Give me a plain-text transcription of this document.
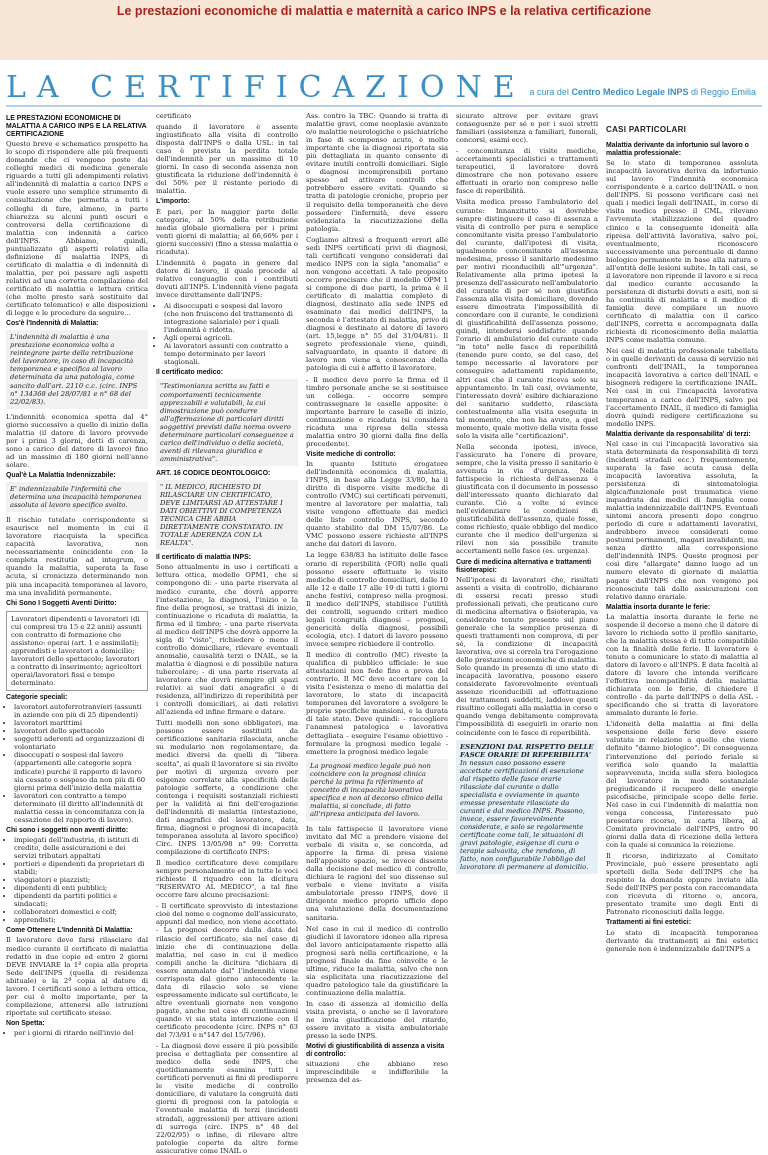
Le prestazioni economiche di malattia e maternità a carico INPS e la relativa certificazione
LA CERTIFICAZIONE a cura del Centro Medico Legale INPS di Reggio Emilia
LE PRESTAZIONI ECONOMICHE DI MALATTIA A CARICO INPS E LA RELATIVA CERTIFICAZIONE

Questo breve e schematico prospetto ha lo scopo di rispondere alle più frequenti domande che ci vengono poste dai colleghi medici di medicina generale riguardo a tutti gli adempimenti relativi all'indennità di malattia a carico INPS e vuole essere uno semplice strumento di consultazione che permetta a tutti i colleghi di fare, almeno, in parte chiarezza su alcuni punti oscuri e controversi della certificazione di malattia con indennità a carico dell'INPS. Abbiamo, quindi, puntualizzato gli aspetti relativi alla definizione di malattia INPS, di certificato di malattia e di indennità di malattia, per poi passare agli aspetti relativi ad una corretta compilazione del certificato di malattia e lettura critica (che molte presto sarà sostituito dal certificato telematico) e alle disposizioni di legge e le procedure da seguire...

Cos'è l'Indennità di Malattia:
L'indennità di malattia è una prestazione economica volta a reintegrare parte della retribuzione del lavoratore, in caso di incapacità temporanea e specifica al lavoro determinata da una patologia, come sancito dall'art. 2110 c.c. (circ. INPS n° 134368 del 28/07/81 e n° 68 del 22/02/83).

L'indennità economica spetta dal 4° giorno successivo a quello di inizio della malattia (il datore di lavoro provvede per i primi 3 giorni, detti di carenza, sono a carico del datore di lavoro) fino ad un massimo di 180 giorni nell'anno solare.

Qual'è La Malattia Indennizzabile:
E' indennizzabile l'infermità che determina una incapacità temporanea assoluta al lavoro specifico svolto.

Il rischio tutelato corrispondente si esaurisce nel momento in cui il lavoratore riacquista la specifica capacità lavorativa, non necessariamente coincidente con la completa restitutio ad integrum, o quando la malattia, superata la fase acuta, si cronicizza determinando non più una incapacità temporanea al lavoro, ma una invalidità permanente.

Chi Sono I Soggetti Aventi Diritto:
Lavoratori dipendenti e lavoratori (di cui compresi tra 15 e 22 anni) assunti con contratto di formazione che assistono: operai (art. 1 e assimilati); apprendisti e lavoratori a domicilio; lavoratori dello spettacolo; lavoratori a contratto di inserimento; agricoltori operai/lavoratori fissi e tempo determinato.
Categorie speciali:
• lavoratori autoferrotranvieri (assunti in aziende con più di 25 dipendenti)
• lavoratori marittimi
• lavoratori dello spettacolo
• soggetti aderenti ad organizzazioni di volontariato
• disoccupati o sospesi dal lavoro (appartenenti alle categorie sopra indicate) purché il rapporto di lavoro sia cessato o sospeso da non più di 60 giorni prima dell'inizio della malattia
• lavoratori con contratto a tempo determinato (il diritto all'indennità di malattia cessa in concomitanza con la cessazione del rapporto di lavoro).
Chi sono i soggetti non aventi diritto:
• impiegati dell'industria, di istituti di credito, delle assicurazioni e dei servizi tributari appaltati
• portieri e dipendenti da proprietari di stabili;
• viaggiatori e piazzisti;
• dipendenti di enti pubblici;
• dipendenti da partiti politici e sindacati;
• collaboratori domestici e colf;
• apprendisti;
Come Ottenere L'Indennità Di Malattia:

Il lavoratore deve farsi rilasciare dal medico curante il certificato di malattia redatto in due copie ed entro 2 giorni DEVE INVIARE la 1ª copia alla propria Sede dell'INPS (quella di residenza abituale) e la 2ª copia al datore di lavoro. I certificati sono a lettura ottica, per cui è molto importante, per la compilazione, attenersi alle istruzioni riportate sul certificato stesso.

Non Spetta:
• per i giorni di ritardo nell'invio del

certificato

quando il lavoratore è assente ingiustificato alla visita di controllo disposta dall'INPS o dalla USL: in tal caso è prevista la perdita totale dell'indennità per un massimo di 10 giorni. In caso di seconda assenza non giustificata la riduzione dell'indennità è del 50% per il restante periodo di malattia.

L'importo:

È pari, per la maggior parte delle categorie, al 50% della retribuzione media globale giornaliera per i primi venti giorni di malattia; al 66,66% per i giorni successivi (fino a stessa malattia o ricaduta).

L'indennità è pagata in genere dal datore di lavoro, il quale procede al relativo conguaglio con i contributi dovuti all'INPS. L'indennità viene pagata invece direttamente dall'INPS:

• Ai disoccupati e sospesi dal lavoro (che non fruiscono del trattamento di integrazione salariale) per i quali l'indennità è ridotta.
• Agli operai agricoli.
• Ai lavoratori assunti con contratto a tempo determinato per lavori stagionali.
Il certificato medico:
"Testimonianza scritta su fatti e comportamenti tecnicamente apprezzabili e valutabili, la cui dimostrazione può condurre all'affermazione di particolari diritti soggettivi previsti dalla norma ovvero determinare particolari conseguenze a carico dell'individuo o della società, aventi di rilevanza giuridica e amministrativa".
ART. 16 CODICE DEONTOLOGICO:
" IL MEDICO, RICHIESTO DI RILASCIARE UN CERTIFICATO, DEVE LIMITARSI AD ATTESTARE I DATI OBIETTIVI DI COMPETENZA TECNICA CHE ABBIA DIRETTAMENTE CONSTATATO. IN TOTALE ADERENZA CON LA REALTA".
Il certificato di malattia INPS:

Sono attualmente in uso i certificati a lettura ottica, modello OPM1, che si compongono di: - una parte riservata al medico curante, che dovrà apporre l'intestazione, la diagnosi, l'inizio e la fine della prognosi, se trattasi di inizio, continuazione o ricaduta di malattia, la firma ed il timbro; - una parte riservata al medico dell'INPS che dovrà apporre la sigla di "visto", richiedere o meno il controllo domiciliare, rilevare eventuali anomalie, causalità terzi o INAIL, se la malattia è diagnosi e di possibile natura tubercolare; - di una parte riservata al lavoratore che dovrà riempire gli spazi relativi ai suoi dati anagrafici e di residenza, all'indirizzo di reperibilità per i controlli domiciliari, ai dati relativi all'azienda ed infine firmare e datare.

Tutti modelli non sono obbligatori, ma possono essere sostituiti da certificazione sanitaria rilasciata, anche su modulario non regolamentare, da medici diversi da quelli di "libera scelta", ai quali il lavoratore si sia rivolto per motivi di urgenza ovvero per esigenze correlate alla specificità delle patologie sofferte, a condizione che contenga i requisiti sostanziali richiesti per la validità ai fini dell'erogazione dell'indennità di malattia (intestazione, dati anagrafici del lavoratore, data, firma, diagnosi e prognosi di incapacità temporanea assoluta al lavoro specifico) Circ. INPS 13/05/98 n° 99: Corretta compilazione di certificato INPS:

Il medico certificatore deve compilare sempre personalmente ed in tutte le voci richieste il riquadro con la dicitura "RISERVATO AL MEDICO", a tal fine occorre fare alcune precisazioni:

- Il certificato sprovvisto di intestazione cioè del nome e cognome dell'assicurato, appunti dal medico, non viene accettato. - La prognosi decorre dalla data del rilascio del certificato, sia nel caso di inizio che di continuazione della malattia, nel caso in cui il medico compili anche la dicitura "dichiara di essere ammalato dal" l'indennità viene corrisposta dal giorno antecedente la data di rilascio solo se viene espressamente indicato sul certificato, le altre eventuali giornate non vengono pagate, anche nel caso di continuazioni quando vi sia stata interruzione con il certificato precedente (circ. INPS n° 63 del 7/3/91 e n°147 del 15/7/96).

- La diagnosi deve essere il più possibile precisa e dettagliata per consentire al medico della sede INPS, che quotidianamente esamina tutti i certificati pervenuti ai fini di predisporre le visite mediche di controllo domiciliare, di valutare la congruità dati giorni di prognosi con la patologia e l'eventuale malattia di terzi (incidenti stradali, aggressioni) per attivare azioni di surroga (circ. INPS n° 48 del 22/02/95) o infine, di rilevare altre patologie coperte da altre forme assicurative come INAIL o

Ass. contro la TBC: Quando si tratta di malattie gravi, come neoplasie avanzate o/o malattie neurologiche o psichiatriche in fase di scompenso acuto, è molto importante che la diagnosi riportata sia più dettagliata in quanto consente di evitare inutili controlli domiciliari. Sigle o diagnosi incomprensibili portano spesso ad attivare controlli che potrebbero essere evitati. Quando si tratta di patologie croniche, proprio per il requisito della temporaneità che deve possedere l'infermità, deve essere evidenziata la riacutizzazione della patologia.

Cogliamo altresì a frequenti errori alle sedi INPS certificati privi di diagnosi, tali certificati vengono considerati dal medico INPS con la sigla "anomalia" e non vengono accettati. A tale proposito occorre precisare che il modello OPM 1 si compone di due parti, la prima è il certificato di malattia completo di diagnosi, destinato alla sede INPS ed esaminato dai medici dell'INPS, la seconda è l'attestato di malattia, privo di diagnosi e destinato al datore di lavoro (art. 15,legge n° 55 del 31/04/81). Il segreto professionale viene, quindi, salvaguardato, in quanto il datore di lavoro non viene a conoscenza della patologia di cui è affetto il lavoratore.

- Il medico deve porre la firma ed il timbro personale anche se si sostituisce un collega. - occorre sempre contrassegnare le caselle apposite: è importante barrare le caselle di inizio, continuazione e ricaduta (si considera ricaduta una ripresa della stessa malattia entro 30 giorni dalla fine della precedente).

Visite mediche di controllo:

In quanto Istituto erogatore dell'indennità economica di malattia, l'INPS, in base alla Legge 33/80, ha il diritto di disporre visite mediche di controllo (VMC) sui certificati pervenuti, mentre al lavoratore per malattia, tali visite vengono effettuate dai medici delle liste controllo INPS, secondo quanto stabilito dal DM 15/07/86. Le VMC possono essere richieste all'INPS anche dai datori di lavoro.

La legge 638/83 ha istituito delle fasce orarie di reperibilità (FOR) nelle quali possono essere effettuate le visite mediche di controllo domiciliari, dalle 10 alle 12 e dalle 17 alle 19 di tutti i giorni anche festivi, compreso nella prognosi. Il medico dell'INPS, stabilisce l'utilità dei controlli, seguendo criteri medico legali (congruità diagnosi – prognosi, genericità della diagnosi, possibili ecologia, etc). I datori di lavoro possono invece sempre richiedere il controllo.

Il medico di controllo (MC) riveste la qualifica di pubblico ufficiale: le sue attestazioni non fede fino a prova del contrario. Il MC deve accertare con la visita l'esistenza o meno di malattia del lavoratore, lo stato di incapacità temporanea del lavoratore a svolgere le proprie specifiche mansioni, e la durata di tale stato. Deve quindi: - raccogliere l'anamnesi patologica e lavorativa dettagliata - eseguire l'esame obiettivo - formulare la prognosi medico legale - emettere la prognosi medico legale

La prognosi medico legale può non coincidere con la prognosi clinica perché la prima fa riferimento al concetto di incapacità lavorativa specifica e non al decorso clinico della malattia, si conclude, di fatto all'ripresa anticipata del lavoro.

In tale fattispecie il lavoratore viene invitato dal MC a prendere visione del verbale di visita e, se concorda, ad apporre la firma di presa visione nell'apposito spazio, se invece dissente dalla decisione del medico di controllo, dichiara le ragioni del suo dissenso sul verbale e viene invitato a visita ambulatoriale presso l'INPS, dove il dirigente medico proprio ufficio dopo una valutazione della documentazione sanitaria.

Nel caso in cui il medico di controllo giudichi il lavoratore idoneo alla ripresa del lavoro anticipatamente rispetto alla prognosi sarà nella certificazione, e la prognosi finale da fine coinvolte e le ultime, riduce la malattia, salvo che non sia esplicitata una riacutizzazione del quadro patologico tale da giustificare la continuazione della malattia.

In caso di assenza al domicilio della visita prevista, o anche se il lavoratore ne invia giustificazione del ritardo, essere invitato a visita ambulatoriale presso la sede INPS.

Motivi di giustificabilità di assenza a visita di controllo:

situazioni che abbiano reso imprescindibile e indifferibile la presenza del as-

sicurato altrove per evitare gravi conseguenze per sé e per i suoi stretti familiari (assistenza a familiari, funerali, concorsi, esami ecc).

- concomitanza di visite mediche, accertamenti specialistici e trattamenti terapeutici, il lavoratore dovrà dimostrare che non potevano essere effettuati in orario non compreso nelle fasce di reperibilità.

Visita medica presso l'ambulatorio del curante: Innanzitutto si dovrebbe sempre distinguere il caso di assenza a visita di controllo per pura e semplice concomitante visita presso l'ambulatorio del curante, dall'ipotesi di visita, ugualmente concomitante all'assenza medesima, presso il sanitario medesimo per motivi riconducibili all'"urgenza". Relativamente alla prima ipotesi la presenza dell'assicurato nell'ambulatorio del curante di per sé non giustifica l'assenza alla visita domiciliare, dovendo essere dimostrata l'impossibilità di concordare con il curante, le condizioni di giustificabilità dell'assenza possono, quindi, intendersi soddisfatte quando l'orario di ambulatorio del curante cada "in toto" nelle fasce di reperibilità (tenendo pure conto, se del caso, del tempo necessario al lavoratore per conseguire adattamenti rapidamente, altri casi che il curante riceva solo su appuntamento. In tali casi, ovviamente, l'interessato dovrà' esibire dichiarazione del sanitario suddetto, rilasciata contestualmente alla visita eseguita in tal momento, che non ha avuto, a quel momento, quale motivo della visita fosse solo la visita alle "certificazioni".

Nella seconda ipotesi, invece, l'assicurato ha l'onere di provare, sempre, che la visita presso il sanitario è avvenuta in via d'urgenza. Nella fattispecie la richiesta dell'assenza è giustificata con il documento in possesso dell'interessato quanto dichiarato dal curante. Ciò a volte si evince nell'evidenziare le condizioni di giustificabilità dell'assenza, quale fosse, come richiesto, quale obbligo del medico curante che il medico dell'urgenza si rilevi non sia possibile tramite accertamenti nelle fasce (es. urgenza).

Cure di medicina alternativa e trattamenti fisioterapici:

Nell'ipotesi di lavoratori che, risultati assenti a visita di controllo, dichiarano di essersi recati presso studi professionali privati, che praticano cure di medicina alternativa o fisioterapia, va considerato tenuto presente sul piano generale che la semplice presenza di questi trattamenti non comprova, di per sé, la condizione di incapacità lavorativa, ove si correla tra l'erogazione delle prestazioni economiche di malattia. Solo quando in presenza di uno stato di incapacità lavorativa, possono essere considerate favorevolmente eventuali assenze riconducibili ad effettuazione dei trattamenti suddetti, laddove questi risultino collegati alla malattia in corso e quando venga debitamente comprovata l'impossibilità di eseguirli in orario non coincidente con le fasce di reperibilità.

ESENZIONI DAL RISPETTO DELLE FASCE ORARIE DI REPERIBILITA'
In nessun caso possono essere accettate certificazioni di esenzione dal rispetto delle fasce orarie rilasciate dal curante o dallo specialista e ovviamente in quanto emesse presentate rilasciate da curanti e dal medico INPS. Possono, invece, essere favorevolmente considerate, e solo se regolarmente certificate come tali, le situazioni di gravi patologie, esigenze di cura o terapie salvavita, che rendono, di fatto, non configurabile l'obbligo del lavoratore di permanere al domicilio.
CASI PARTICOLARI
Malattia derivante da infortunio sul lavoro o malattia professionale:

Se lo stato di temporanea assoluta incapacità lavorativa deriva da infortunio sul lavoro l'indennità economica corrispondente è a carico dell'INAIL e non dell'INPS. Si possono verificare casi nei quali i medici legali dell'INAIL, in corso di visita medica presso il CML, rilevano l'avvenuta stabilizzazione del quadro clinico e la conseguente idoneità alla ripresa dell'attività lavorativa, salvo poi, eventualmente, riconoscere successivamente una percentuale di danno biologico permanente in base alla natura e all'entità delle lesioni subite. In tali casi, se il lavoratore non riprende il lavoro e si reca dal medico curante accusando la persistenza di disturbi dovuti a esiti, non si ha continuità di malattia e il medico di famiglia deve compilare un nuovo certificato di malattia con il carico dell'INPS, corretta e accompagnata dalla richiesta di riconoscimento della malattia INPS come malattia comune.

Nei casi di malattia professionale tabellata o in quelle derivanti da causa di servizio nei confronti dell'INAIL, la temporanea incapacità lavorativa a carico dell'INAIL e bisognerà redigere la certificazione INAIL. Nei casi in cui l'incapacità lavorativa temporanea a carico dell'INPS, salvo poi l'accertamento INAIL, il medico di famiglia dovrà quindi redigere certificazione su modello INPS.

Malattia derivante da responsabilita' di terzi:

Nel caso in cui l'incapacità lavorativa sia stata determinata da responsabilità di terzi (incidenti stradali ecc.) frequentemente, superata la fase acuta causa della incapacità lavorativa assoluta, la persistenza di sintomatologia algica/funzionale post traumatica viene inquadrata dai medici di famiglia come malattia indennizzabile dall'INPS. Eventuali sintomi ancora presenti dopo congruo periodo di cure e adattamenti lavorativi, andrebbero invece considerati come postumi permanenti, magari invalidanti, ma senza diritto alla corresponsione dell'indennità INPS. Queste prognosi per così dire "allargate" danno luogo ad un numero elevato di giornate di malattia pagate dall'INPS che non vengono poi riconosciute tali dalle assicurazioni con relativo danno erariale.

Malattia insorta durante le ferie:

La malattia insorta durante le ferie ne sospende il decorso a meno che il datore di lavoro lo richieda sotto il profilo sanitario, che la malattia stessa è di tutto compatibile con la finalità delle ferie. Il lavoratore è tenuto a comunicare lo stato di malattia al datore di lavoro e all'INPS. È data facoltà al datore di lavoro che intenda verificare l'effettiva incompatibilità della malattia dichiarata con le ferie, di chiedere il controllo - da parte dell'INPS o della ASL - specificando che si tratta di lavoratore ammalato durante le ferie.

L'idoneità della malattia ai fini della sospensione delle ferie deve essere valutata in relazione a quello che viene definito "danno biologico". Di conseguenza l'intervenzione del periodo feriale si verifica solo quando la malattia sopravvenuta, incida sulla sfera biologica del lavoratore in modo sostanziale pregiudicando il recupero delle energie psicofisiche, principale scopo delle ferie. Nel caso in cui l'indennità di malattia non venga concessa, l'interessato può presentare ricorso, in carta libera, al Comitato provinciale dell'INPS, entro 90 giorni dalla data di ricezione della lettera con la quale si comunica la reiezione.

Il ricorso, indirizzato al Comitato Provinciale, può essere presentato agli sportelli della Sede dell'INPS che ha respinto la domanda oppure inviato alla Sede dell'INPS per posta con raccomandata con ricevuta di ritorno o, ancora, presentato tramite uno degli Enti di Patronato riconosciuti dalla legge.

Trattamenti ai fini estetici:

Lo stato di incapacità temporanea derivante da trattamenti ai fini estetici generale non è indennizzabile dall'INPS a
